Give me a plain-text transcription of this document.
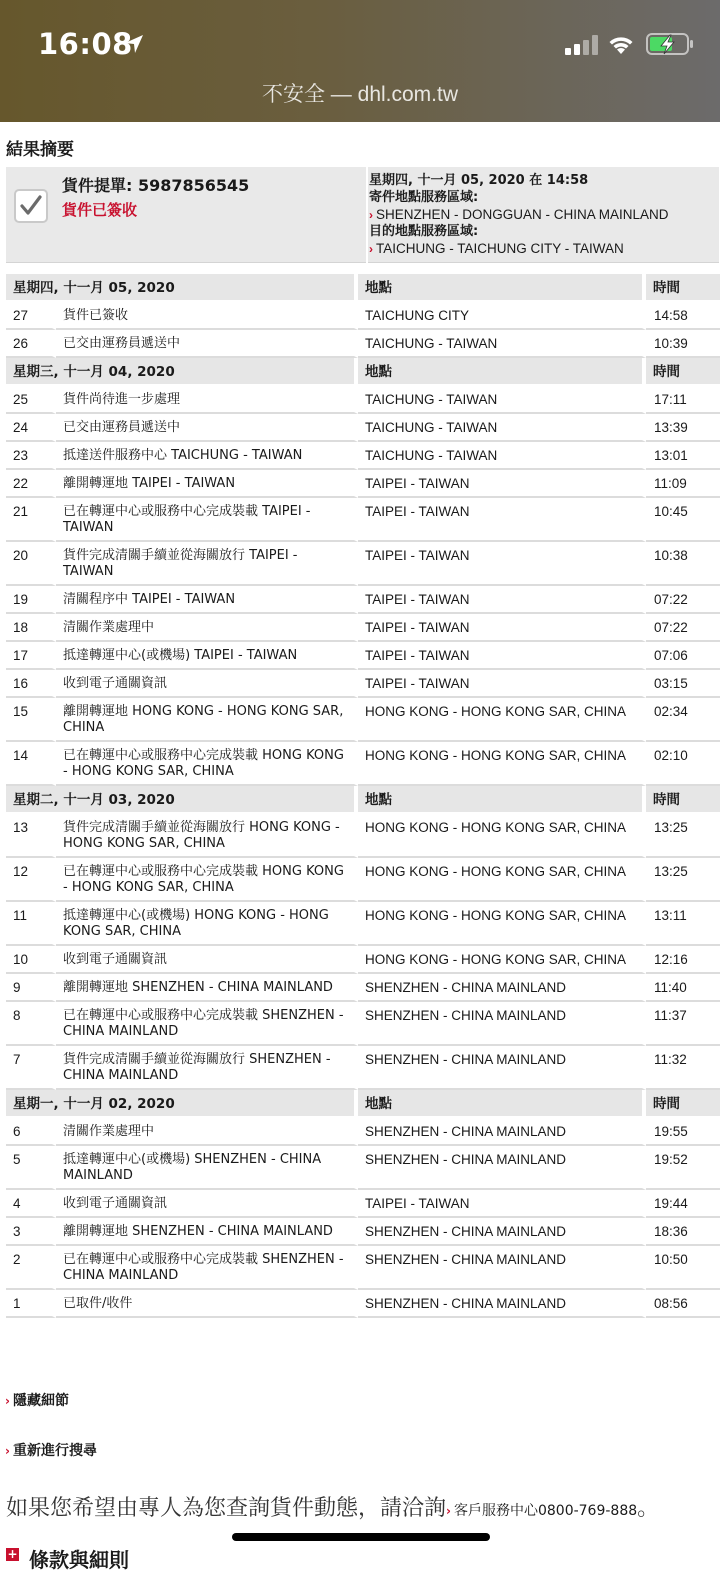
16:08
不安全 — dhl.com.tw
結果摘要
貨件提單: 5987856545
貨件已簽收
星期四, 十一月 05, 2020 在 14:58
寄件地點服務區域:
› SHENZHEN - DONGGUAN - CHINA MAINLAND
目的地點服務區域:
› TAICHUNG - TAICHUNG CITY - TAIWAN
星期四, 十一月 05, 2020		地點	時間
27	貨件已簽收	TAICHUNG CITY	14:58
26	已交由運務員遞送中	TAICHUNG - TAIWAN	10:39
星期三, 十一月 04, 2020		地點	時間
25	貨件尚待進一步處理	TAICHUNG - TAIWAN	17:11
24	已交由運務員遞送中	TAICHUNG - TAIWAN	13:39
23	抵達送件服務中心 TAICHUNG - TAIWAN	TAICHUNG - TAIWAN	13:01
22	離開轉運地 TAIPEI - TAIWAN	TAIPEI - TAIWAN	11:09
21	已在轉運中心或服務中心完成裝載 TAIPEI - TAIWAN	TAIPEI - TAIWAN	10:45
20	貨件完成清關手續並從海關放行 TAIPEI - TAIWAN	TAIPEI - TAIWAN	10:38
19	清關程序中 TAIPEI - TAIWAN	TAIPEI - TAIWAN	07:22
18	清關作業處理中	TAIPEI - TAIWAN	07:22
17	抵達轉運中心(或機場) TAIPEI - TAIWAN	TAIPEI - TAIWAN	07:06
16	收到電子通關資訊	TAIPEI - TAIWAN	03:15
15	離開轉運地 HONG KONG - HONG KONG SAR, CHINA	HONG KONG - HONG KONG SAR, CHINA	02:34
14	已在轉運中心或服務中心完成裝載 HONG KONG - HONG KONG SAR, CHINA	HONG KONG - HONG KONG SAR, CHINA	02:10
星期二, 十一月 03, 2020		地點	時間
13	貨件完成清關手續並從海關放行 HONG KONG - HONG KONG SAR, CHINA	HONG KONG - HONG KONG SAR, CHINA	13:25
12	已在轉運中心或服務中心完成裝載 HONG KONG - HONG KONG SAR, CHINA	HONG KONG - HONG KONG SAR, CHINA	13:25
11	抵達轉運中心(或機場) HONG KONG - HONG KONG SAR, CHINA	HONG KONG - HONG KONG SAR, CHINA	13:11
10	收到電子通關資訊	HONG KONG - HONG KONG SAR, CHINA	12:16
9	離開轉運地 SHENZHEN - CHINA MAINLAND	SHENZHEN - CHINA MAINLAND	11:40
8	已在轉運中心或服務中心完成裝載 SHENZHEN - CHINA MAINLAND	SHENZHEN - CHINA MAINLAND	11:37
7	貨件完成清關手續並從海關放行 SHENZHEN - CHINA MAINLAND	SHENZHEN - CHINA MAINLAND	11:32
星期一, 十一月 02, 2020		地點	時間
6	清關作業處理中	SHENZHEN - CHINA MAINLAND	19:55
5	抵達轉運中心(或機場) SHENZHEN - CHINA MAINLAND	SHENZHEN - CHINA MAINLAND	19:52
4	收到電子通關資訊	TAIPEI - TAIWAN	19:44
3	離開轉運地 SHENZHEN - CHINA MAINLAND	SHENZHEN - CHINA MAINLAND	18:36
2	已在轉運中心或服務中心完成裝載 SHENZHEN - CHINA MAINLAND	SHENZHEN - CHINA MAINLAND	10:50
1	已取件/收件	SHENZHEN - CHINA MAINLAND	08:56
› 隱藏細節
› 重新進行搜尋
如果您希望由專人為您查詢貨件動態，請洽詢› 客戶服務中心0800-769-888。
+ 條款與細則
